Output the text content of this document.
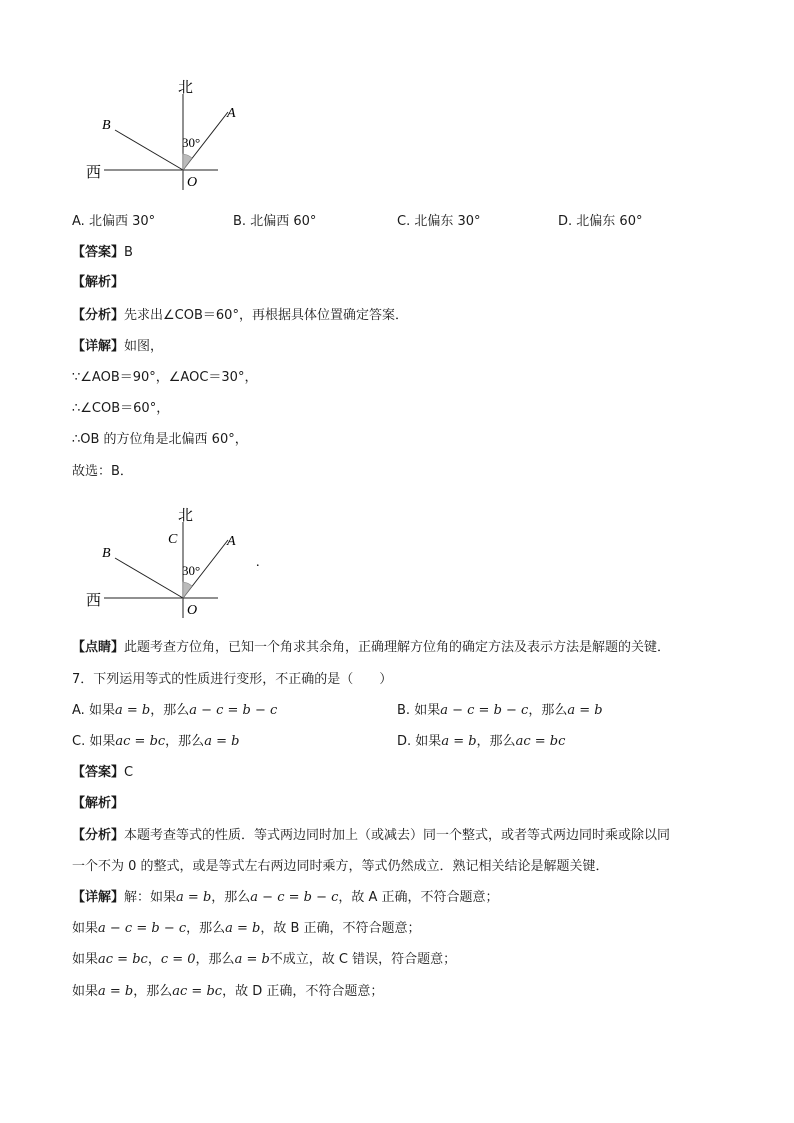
北
西
A
B
O
30°
A. 北偏西 30°	B. 北偏西 60°	C. 北偏东 30°	D. 北偏东 60°
【答案】B
【解析】
【分析】先求出∠COB＝60°，再根据具体位置确定答案．
【详解】如图，
∵∠AOB＝90°，∠AOC＝30°，
∴∠COB＝60°，
∴OB 的方位角是北偏西 60°，
故选：B．
北
西
C	A
B
O
30°
.
【点睛】此题考查方位角，已知一个角求其余角，正确理解方位角的确定方法及表示方法是解题的关键．
7．下列运用等式的性质进行变形，不正确的是（　　）
A. 如果a = b，那么a − c = b − c	B. 如果a − c = b − c，那么a = b
C. 如果ac = bc，那么a = b	D. 如果a = b，那么ac = bc
【答案】C
【解析】
【分析】本题考查等式的性质．等式两边同时加上（或减去）同一个整式，或者等式两边同时乘或除以同
一个不为 0 的整式，或是等式左右两边同时乘方，等式仍然成立．熟记相关结论是解题关键．
【详解】解：如果a = b，那么a − c = b − c，故 A 正确，不符合题意；
如果a − c = b − c，那么a = b，故 B 正确，不符合题意；
如果ac = bc，c = 0，那么a = b不成立，故 C 错误，符合题意；
如果a = b，那么ac = bc，故 D 正确，不符合题意；
